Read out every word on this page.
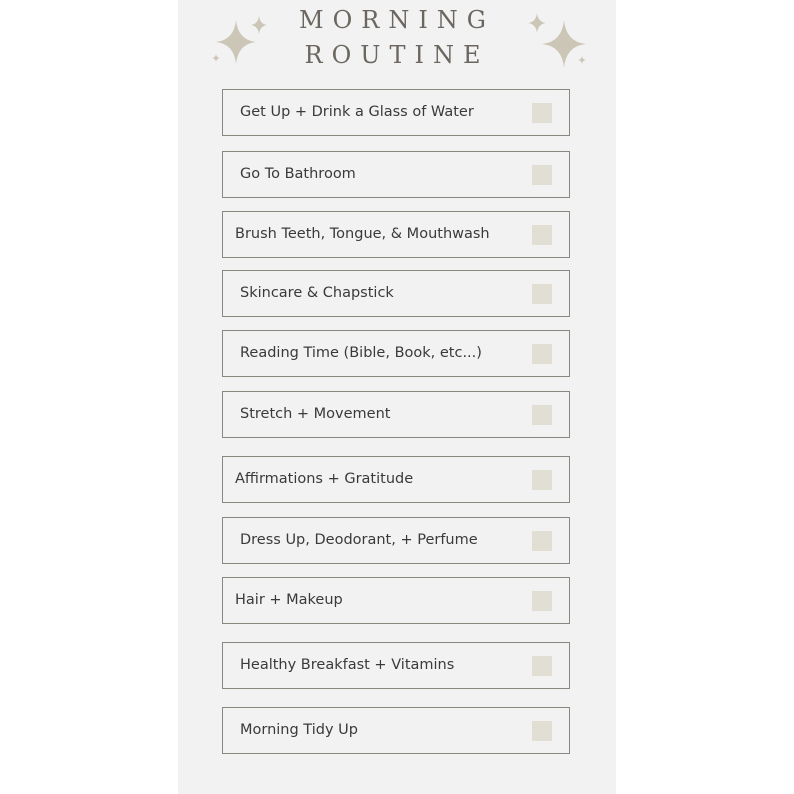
MORNING
ROUTINE
Get Up + Drink a Glass of Water
Go To Bathroom
Brush Teeth, Tongue, & Mouthwash
Skincare & Chapstick
Reading Time (Bible, Book, etc...)
Stretch + Movement
Affirmations + Gratitude
Dress Up, Deodorant, + Perfume
Hair + Makeup
Healthy Breakfast + Vitamins
Morning Tidy Up
